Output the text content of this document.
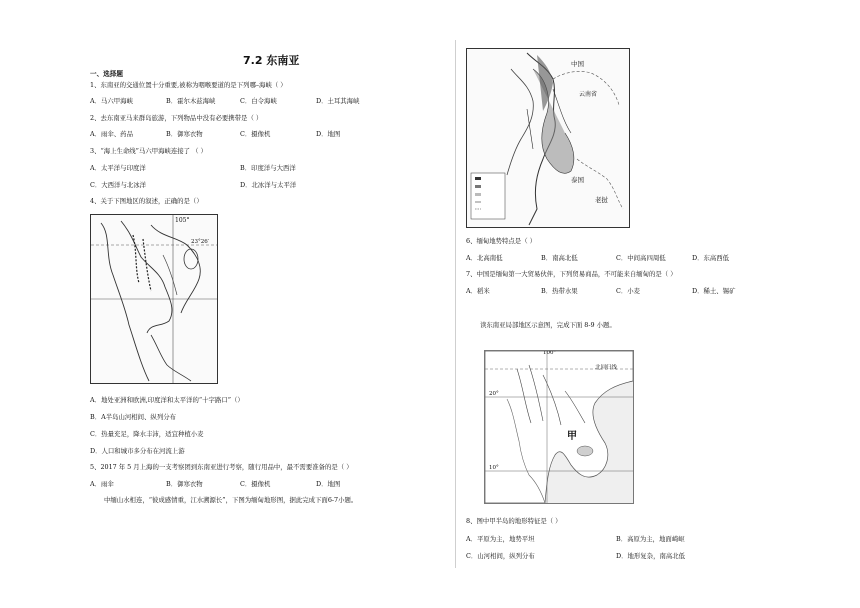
7.2 东南亚
一、选择题
1、东南亚的交通位置十分重要,被称为咽喉要道的是下列哪–海峡（ ）
A．马六甲海峡	B．霍尔木兹海峡	C．白令海峡	D．土耳其海峡
2、去东南亚马来群岛旅游，下列物品中没有必要携带是（ ）
A．雨伞、药品	B．御寒衣物	C．摄像机	D．地图
3、“海上生命线”马六甲海峡连接了 （ ）
A．太平洋与印度洋	B．印度洋与大西洋
C．大西洋与北冰洋	D．北冰洋与太平洋
4、关于下图地区的叙述，正确的是（）
105°
23°26′
A．地处亚洲和欧洲,印度洋和太平洋的“十字路口”（）
B．A半岛山河相间、纵列分布
C．热量充足，降水丰沛，适宜种植小麦
D．人口和城市多分布在河流上游
5、2017 年 5 月上海的一支考察团到东南亚进行考察，随行用品中，最不需要准备的是（ ）
A．雨伞	B．御寒衣物	C．摄像机	D．地图
中缅山水相连，“彼成感情重，江水溯源长”，下图为缅甸地形图，据此完成下面6-7小题。
中国
云南省
泰国
老挝
6、缅甸地势特点是（ ）
A．北高南低	B．南高北低	C．中间高四周低	D．东高西低
7、中国是缅甸第一大贸易伙伴，下列贸易商品，不可能来自缅甸的是（ ）
A．稻米	B．热带水果	C．小麦	D．稀土、锡矿
读东南亚局部地区示意图，完成下面 8-9 小题。
100°
北回归线
20°
10°
甲
8、图中甲半岛的地形特征是（ ）
A．平原为主，地势平坦	B．高原为主，地面崎岖
C．山河相间，纵列分布	D．地形复杂，南高北低
